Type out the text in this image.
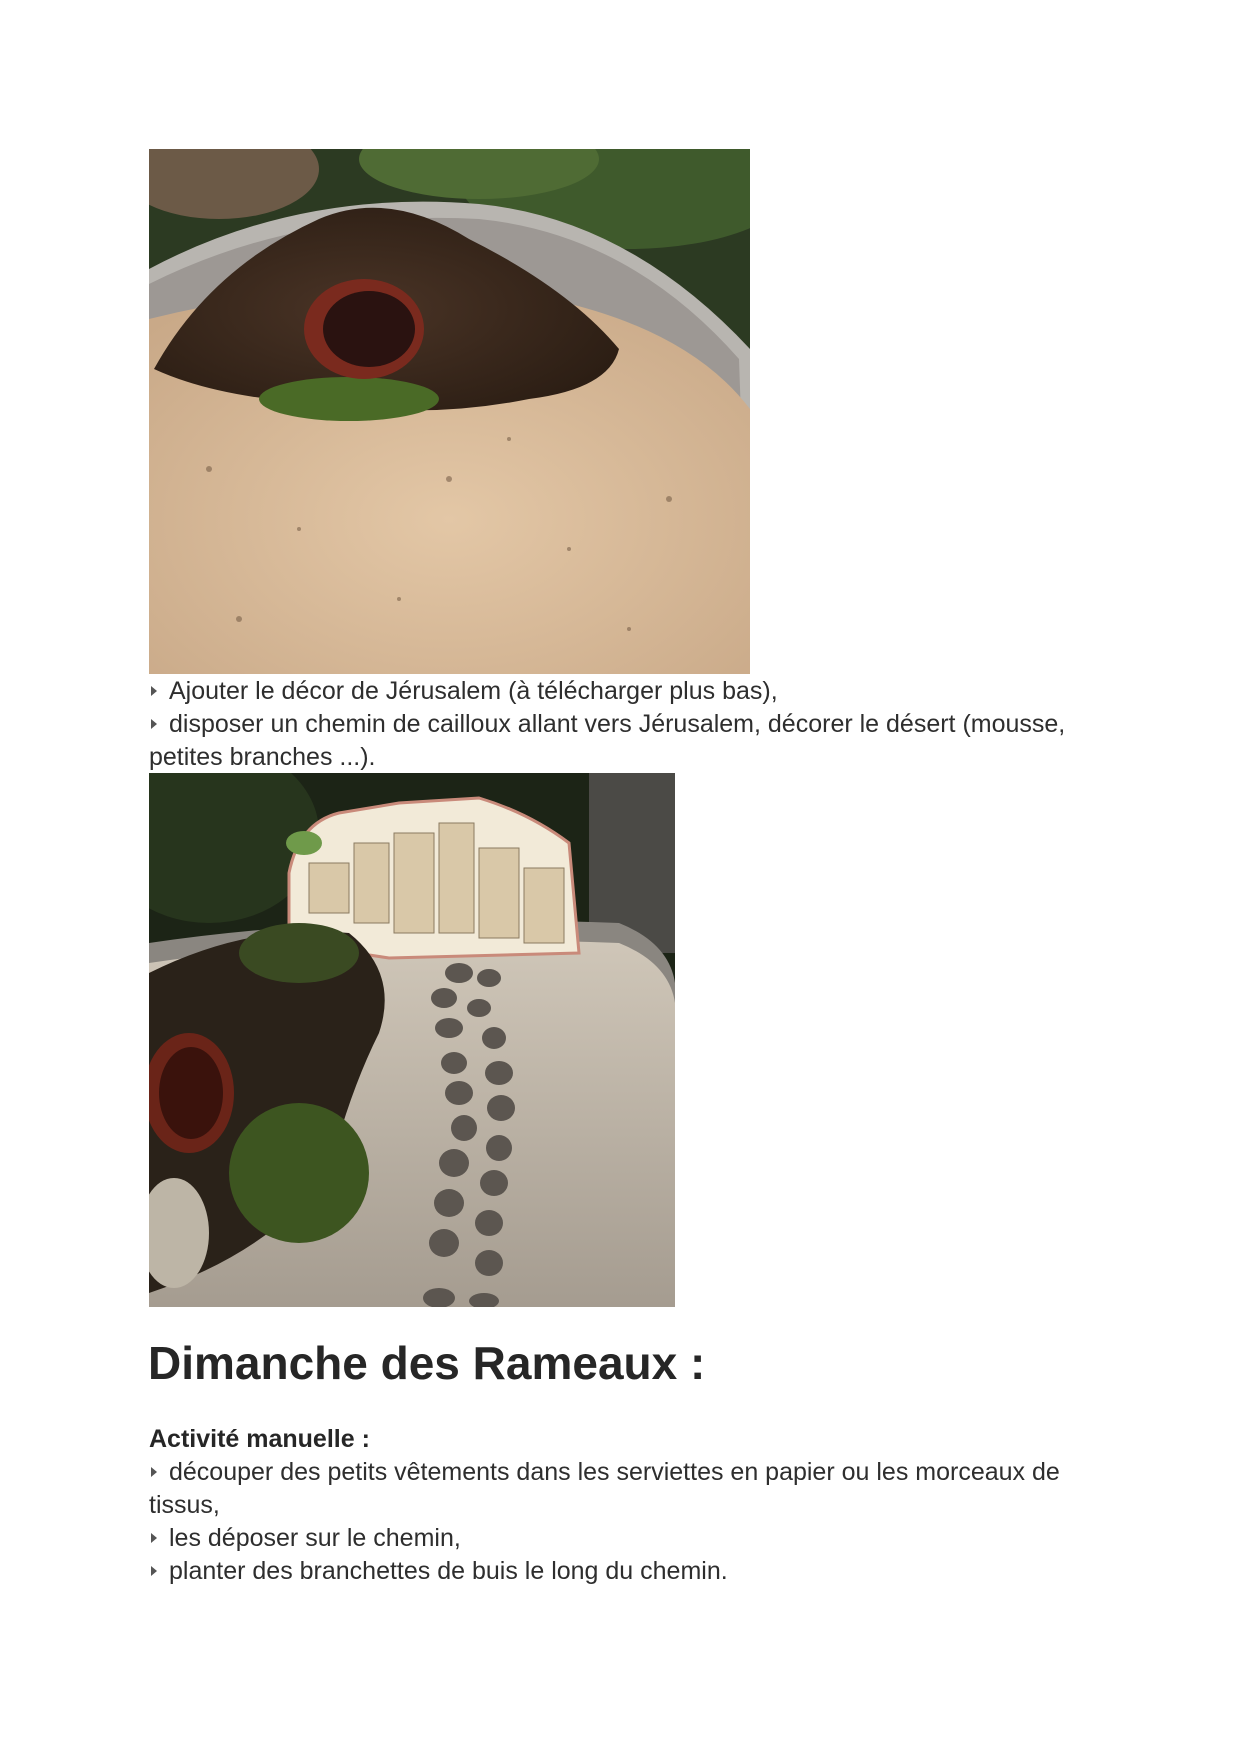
Ajouter le décor de Jérusalem (à télécharger plus bas),
disposer un chemin de cailloux allant vers Jérusalem, décorer le désert (mousse, petites branches ...).
Dimanche des Rameaux :
Activité manuelle :
découper des petits vêtements dans les serviettes en papier ou les morceaux de tissus,
les déposer sur le chemin,
planter des branchettes de buis le long du chemin.
